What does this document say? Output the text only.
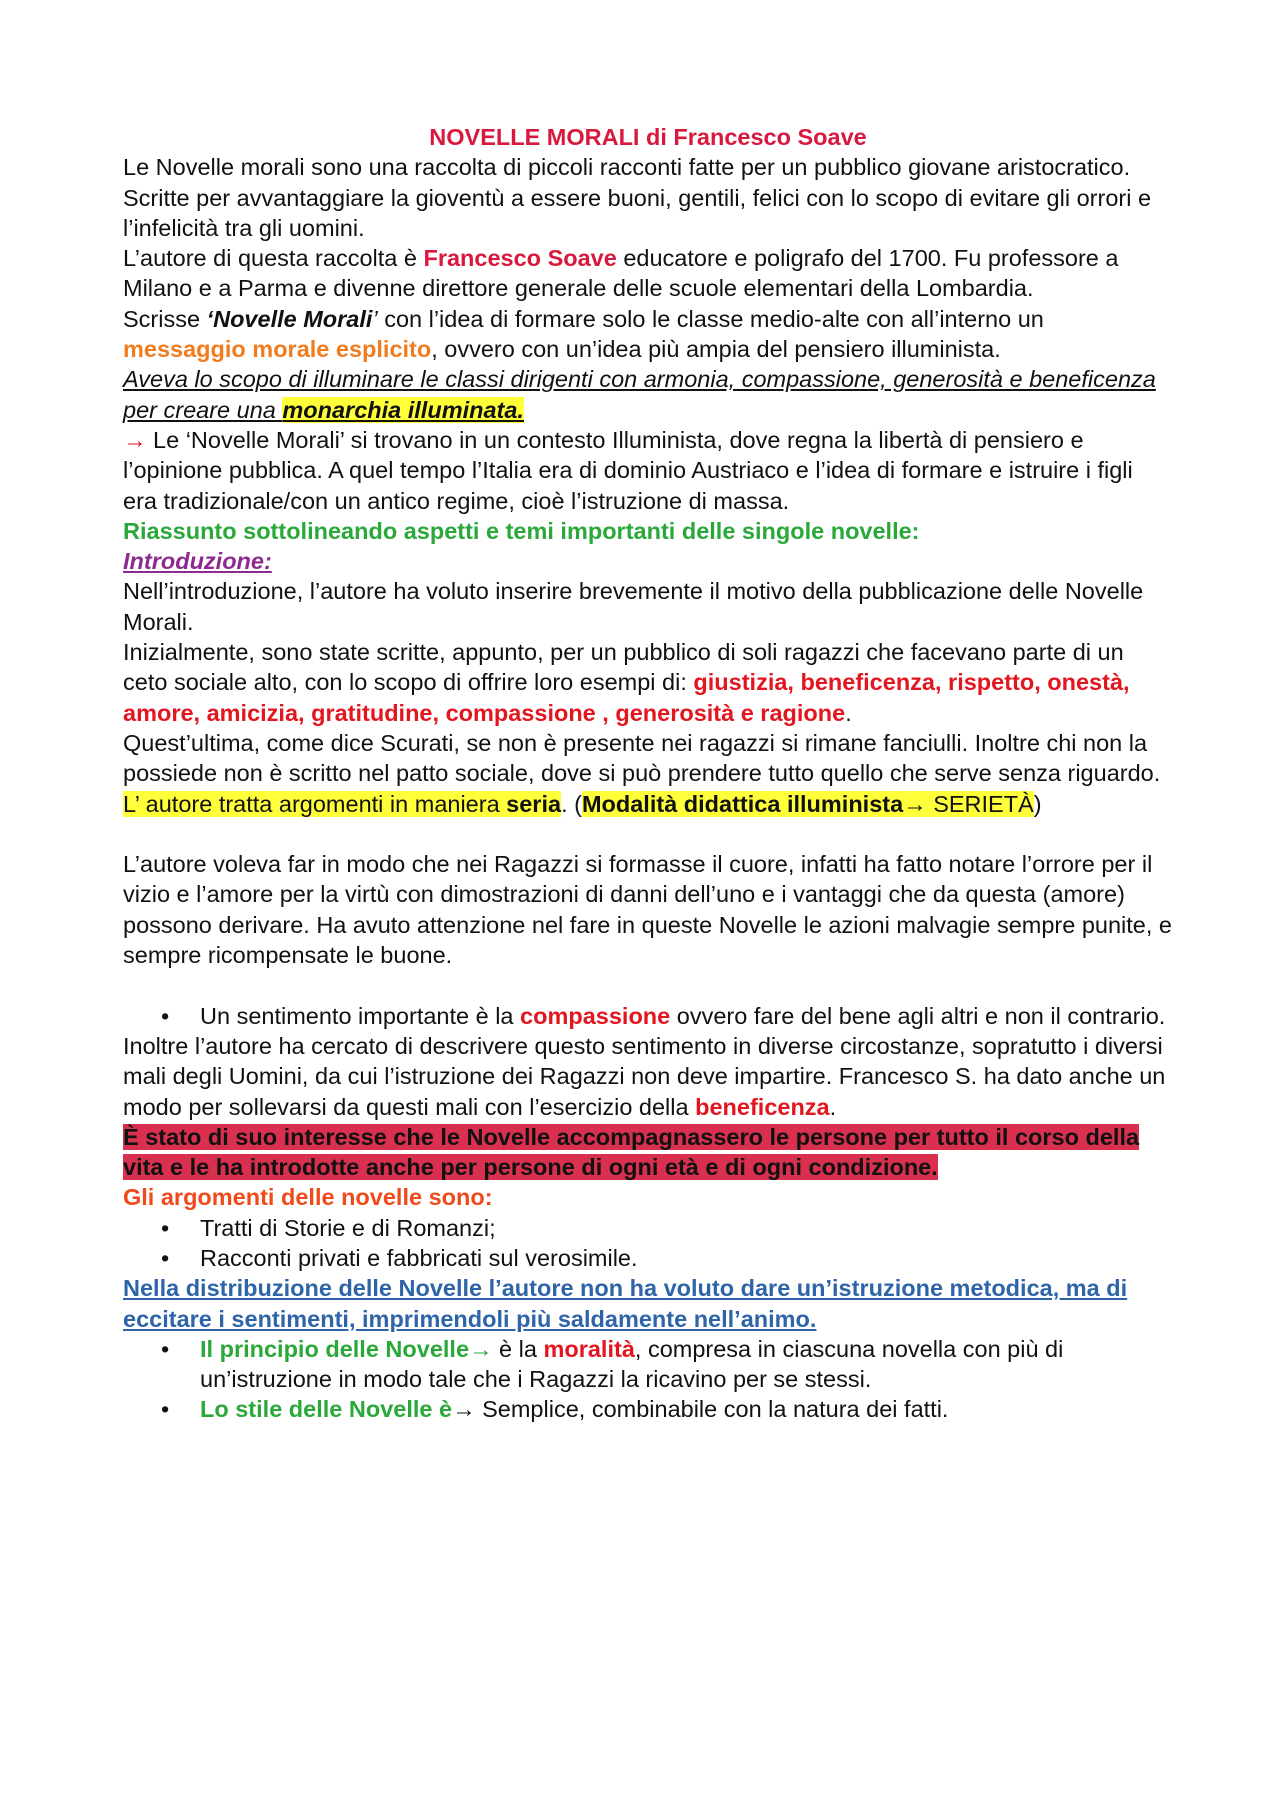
NOVELLE MORALI di Francesco Soave

Le Novelle morali sono una raccolta di piccoli racconti fatte per un pubblico giovane aristocratico.

Scritte per avvantaggiare la gioventù a essere buoni, gentili, felici con lo scopo di evitare gli orrori e l’infelicità tra gli uomini.

L’autore di questa raccolta è Francesco Soave educatore e poligrafo del 1700. Fu professore a Milano e a Parma e divenne direttore generale delle scuole elementari della Lombardia.

Scrisse ‘Novelle Morali’ con l’idea di formare solo le classe medio-alte con all’interno un messaggio morale esplicito, ovvero con un’idea più ampia del pensiero illuminista.

Aveva lo scopo di illuminare le classi dirigenti con armonia, compassione, generosità e beneficenza per creare una monarchia illuminata.

→ Le ‘Novelle Morali’ si trovano in un contesto Illuminista, dove regna la libertà di pensiero e l’opinione pubblica. A quel tempo l’Italia era di dominio Austriaco e l’idea di formare e istruire i figli era tradizionale/con un antico regime, cioè l’istruzione di massa.

Riassunto sottolineando aspetti e temi importanti delle singole novelle:

Introduzione:

Nell’introduzione, l’autore ha voluto inserire brevemente il motivo della pubblicazione delle Novelle Morali.

Inizialmente, sono state scritte, appunto, per un pubblico di soli ragazzi che facevano parte di un ceto sociale alto, con lo scopo di offrire loro esempi di: giustizia, beneficenza, rispetto, onestà, amore, amicizia, gratitudine, compassione , generosità e ragione.

Quest’ultima, come dice Scurati, se non è presente nei ragazzi si rimane fanciulli. Inoltre chi non la possiede non è scritto nel patto sociale, dove si può prendere tutto quello che serve senza riguardo.

L’ autore tratta argomenti in maniera seria. (Modalità didattica illuminista→ SERIETÀ)

L’autore voleva far in modo che nei Ragazzi si formasse il cuore, infatti ha fatto notare l’orrore per il vizio e l’amore per la virtù con dimostrazioni di danni dell’uno e i vantaggi che da questa (amore) possono derivare. Ha avuto attenzione nel fare in queste Novelle le azioni malvagie sempre punite, e sempre ricompensate le buone.

• Un sentimento importante è la compassione ovvero fare del bene agli altri e non il contrario.

Inoltre l’autore ha cercato di descrivere questo sentimento in diverse circostanze, sopratutto i diversi mali degli Uomini, da cui l’istruzione dei Ragazzi non deve impartire. Francesco S. ha dato anche un modo per sollevarsi da questi mali con l’esercizio della beneficenza.

È stato di suo interesse che le Novelle accompagnassero le persone per tutto il corso della vita e le ha introdotte anche per persone di ogni età e di ogni condizione.

Gli argomenti delle novelle sono:

• Tratti di Storie e di Romanzi;
• Racconti privati e fabbricati sul verosimile.

Nella distribuzione delle Novelle l’autore non ha voluto dare un’istruzione metodica, ma di eccitare i sentimenti, imprimendoli più saldamente nell’animo.

• Il principio delle Novelle→ è la moralità, compresa in ciascuna novella con più di un’istruzione in modo tale che i Ragazzi la ricavino per se stessi.
• Lo stile delle Novelle è→ Semplice, combinabile con la natura dei fatti.
